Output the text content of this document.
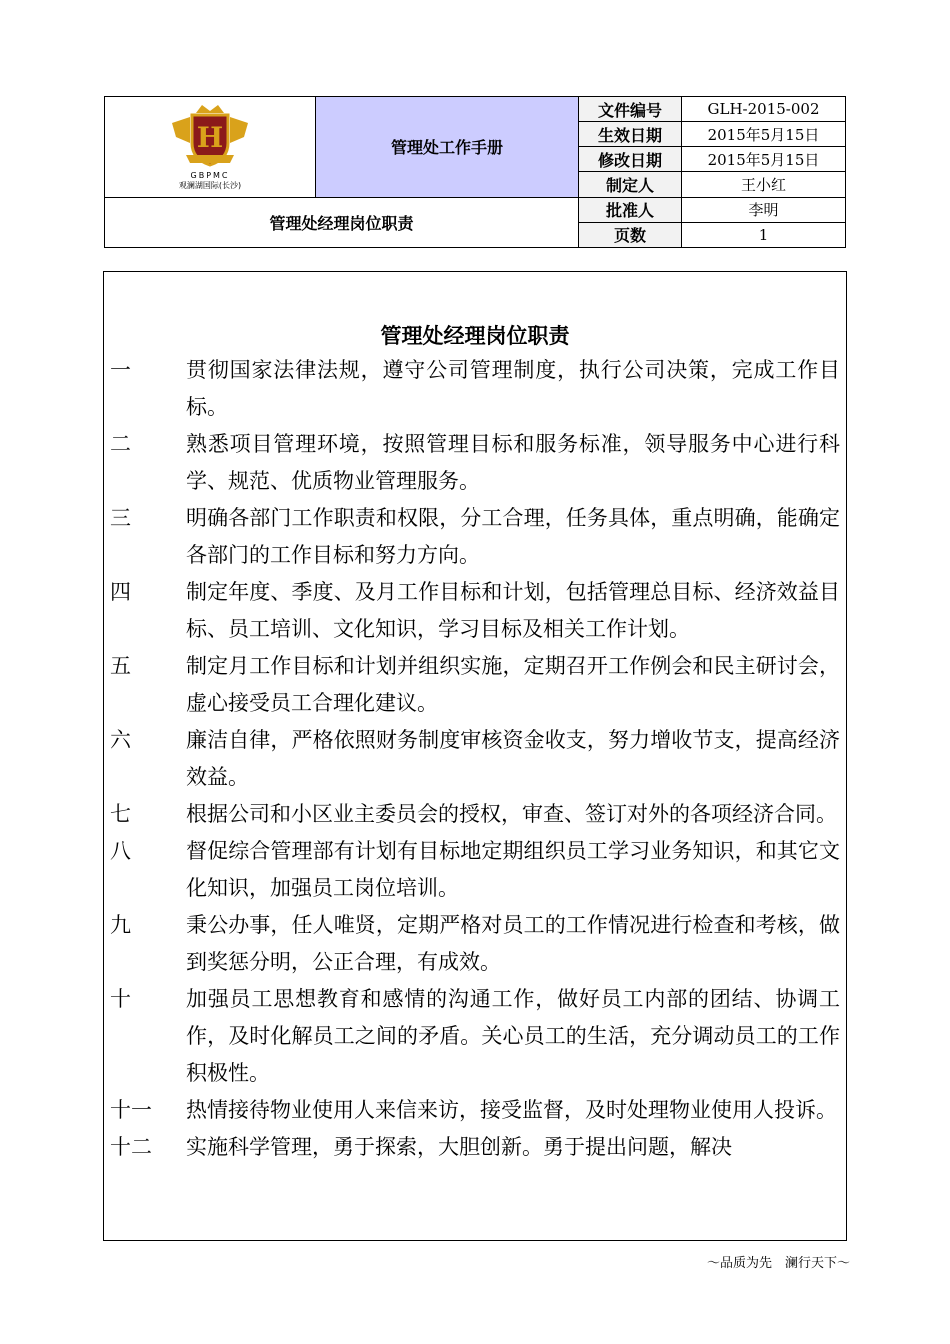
H
GBPMC
观澜湖国际(长沙)	管理处工作手册	文件编号	GLH-2015-002
		生效日期	2015年5月15日
		修改日期	2015年5月15日
		制定人	王小红
管理处经理岗位职责		批准人	李明
		页数	1
管理处经理岗位职责
一	贯彻国家法律法规，遵守公司管理制度，执行公司决策，完成工作目标。
二	熟悉项目管理环境，按照管理目标和服务标准，领导服务中心进行科学、规范、优质物业管理服务。
三	明确各部门工作职责和权限，分工合理，任务具体，重点明确，能确定各部门的工作目标和努力方向。
四	制定年度、季度、及月工作目标和计划，包括管理总目标、经济效益目标、员工培训、文化知识，学习目标及相关工作计划。
五	制定月工作目标和计划并组织实施，定期召开工作例会和民主研讨会，虚心接受员工合理化建议。
六	廉洁自律，严格依照财务制度审核资金收支，努力增收节支，提高经济效益。
七	根据公司和小区业主委员会的授权，审查、签订对外的各项经济合同。
八	督促综合管理部有计划有目标地定期组织员工学习业务知识，和其它文化知识，加强员工岗位培训。
九	秉公办事，任人唯贤，定期严格对员工的工作情况进行检查和考核，做到奖惩分明，公正合理，有成效。
十	加强员工思想教育和感情的沟通工作，做好员工内部的团结、协调工作，及时化解员工之间的矛盾。关心员工的生活，充分调动员工的工作积极性。
十一	热情接待物业使用人来信来访，接受监督，及时处理物业使用人投诉。
十二	实施科学管理，勇于探索，大胆创新。勇于提出问题，解决
～品质为先　澜行天下～
